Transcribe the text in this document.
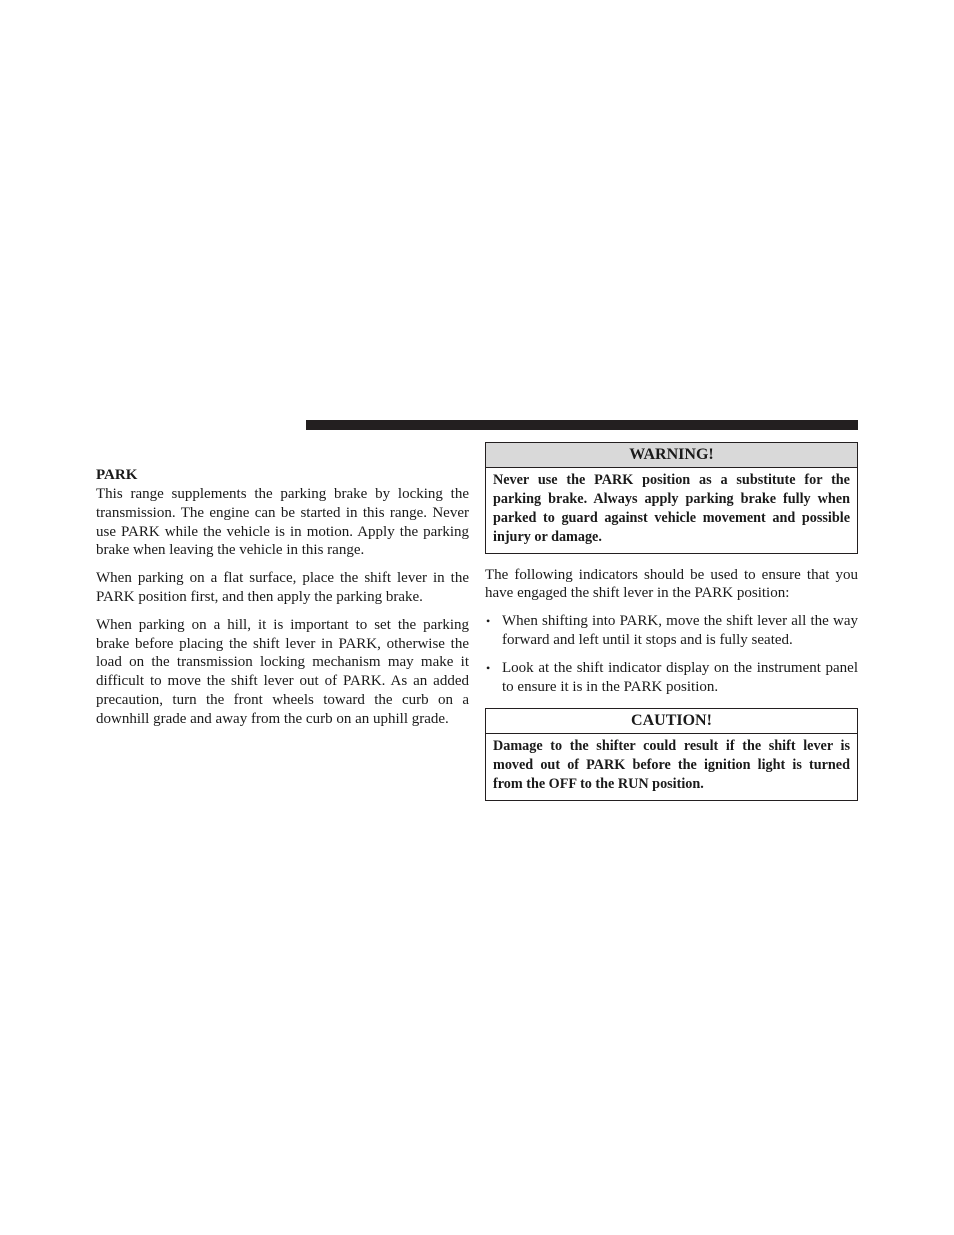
PARK

This range supplements the parking brake by locking the transmission. The engine can be started in this range. Never use PARK while the vehicle is in motion. Apply the parking brake when leaving the vehicle in this range.

When parking on a flat surface, place the shift lever in the PARK position first, and then apply the parking brake.

When parking on a hill, it is important to set the parking brake before placing the shift lever in PARK, otherwise the load on the transmission locking mechanism may make it difficult to move the shift lever out of PARK. As an added precaution, turn the front wheels toward the curb on a downhill grade and away from the curb on an uphill grade.

WARNING!
Never use the PARK position as a substitute for the parking brake. Always apply parking brake fully when parked to guard against vehicle movement and possible injury or damage.

The following indicators should be used to ensure that you have engaged the shift lever in the PARK position:

• When shifting into PARK, move the shift lever all the way forward and left until it stops and is fully seated.
• Look at the shift indicator display on the instrument panel to ensure it is in the PARK position.
CAUTION!
Damage to the shifter could result if the shift lever is moved out of PARK before the ignition light is turned from the OFF to the RUN position.
